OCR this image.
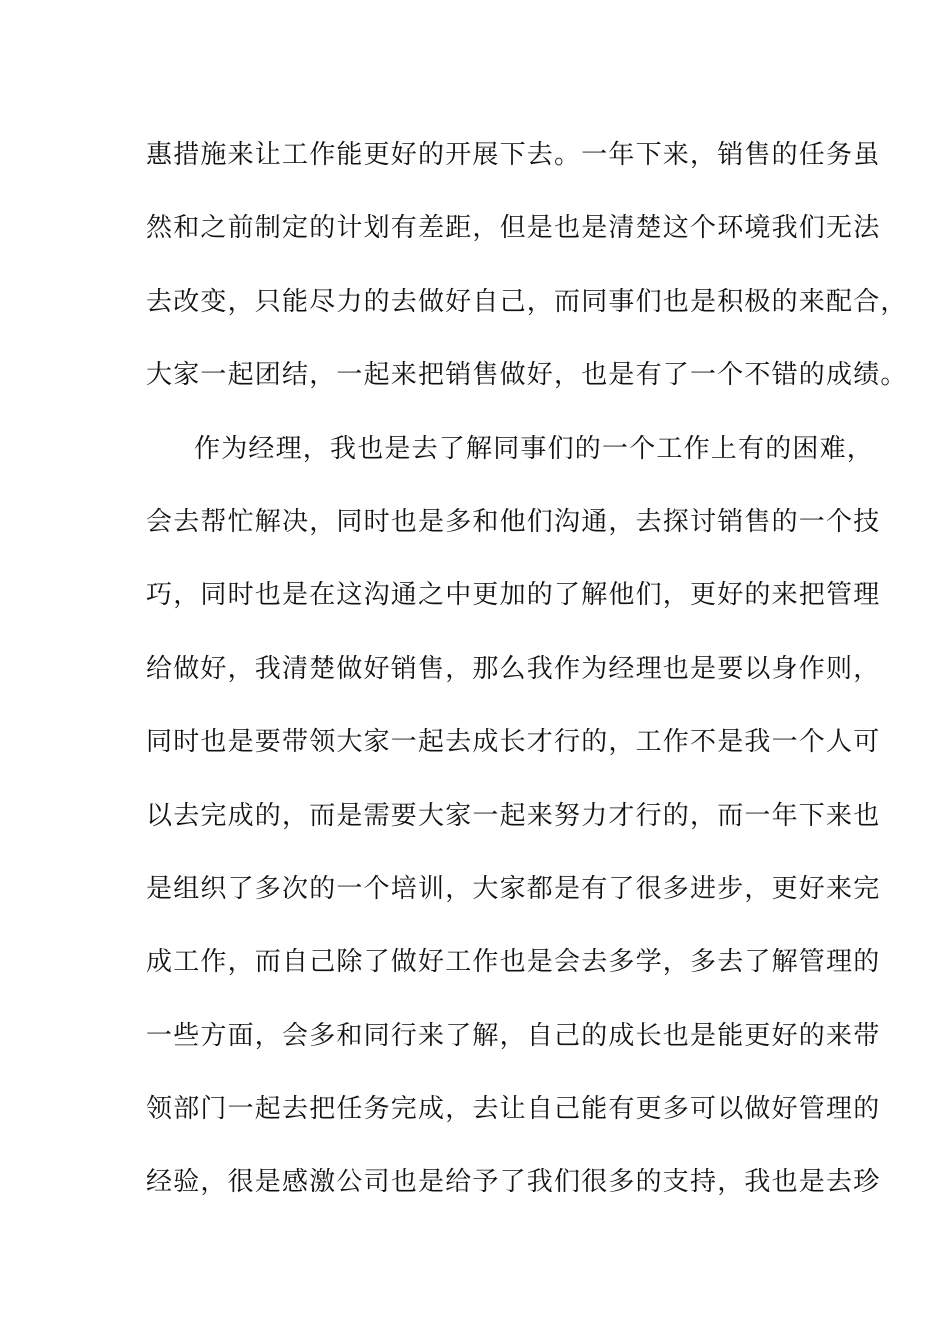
惠措施来让工作能更好的开展下去。一年下来，销售的任务虽
然和之前制定的计划有差距，但是也是清楚这个环境我们无法
去改变，只能尽力的去做好自己，而同事们也是积极的来配合，
大家一起团结，一起来把销售做好，也是有了一个不错的成绩。
作为经理，我也是去了解同事们的一个工作上有的困难，
会去帮忙解决，同时也是多和他们沟通，去探讨销售的一个技
巧，同时也是在这沟通之中更加的了解他们，更好的来把管理
给做好，我清楚做好销售，那么我作为经理也是要以身作则，
同时也是要带领大家一起去成长才行的，工作不是我一个人可
以去完成的，而是需要大家一起来努力才行的，而一年下来也
是组织了多次的一个培训，大家都是有了很多进步，更好来完
成工作，而自己除了做好工作也是会去多学，多去了解管理的
一些方面，会多和同行来了解，自己的成长也是能更好的来带
领部门一起去把任务完成，去让自己能有更多可以做好管理的
经验，很是感激公司也是给予了我们很多的支持，我也是去珍
